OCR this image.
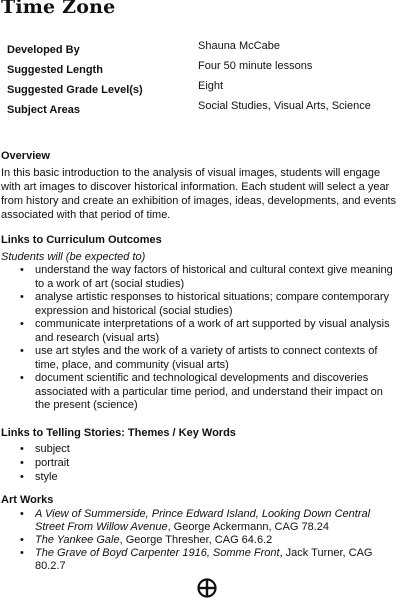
Time Zone
Developed By	Shauna McCabe
Suggested Length	Four 50 minute lessons
Suggested Grade Level(s)	Eight
Subject Areas	Social Studies, Visual Arts, Science
Overview
In this basic introduction to the analysis of visual images, students will engage
with art images to discover historical information. Each student will select a year
from history and create an exhibition of images, ideas, developments, and events
associated with that period of time.
Links to Curriculum Outcomes
Students will (be expected to)
• understand the way factors of historical and cultural context give meaning
to a work of art (social studies)
• analyse artistic responses to historical situations; compare contemporary
expression and historical (social studies)
• communicate interpretations of a work of art supported by visual analysis
and research (visual arts)
• use art styles and the work of a variety of artists to connect contexts of
time, place, and community (visual arts)
• document scientific and technological developments and discoveries
associated with a particular time period, and understand their impact on
the present (science)
Links to Telling Stories: Themes / Key Words
• subject
• portrait
• style
Art Works
• A View of Summerside, Prince Edward Island, Looking Down Central
Street From Willow Avenue, George Ackermann, CAG 78.24
• The Yankee Gale, George Thresher, CAG 64.6.2
• The Grave of Boyd Carpenter 1916, Somme Front, Jack Turner, CAG
80.2.7
